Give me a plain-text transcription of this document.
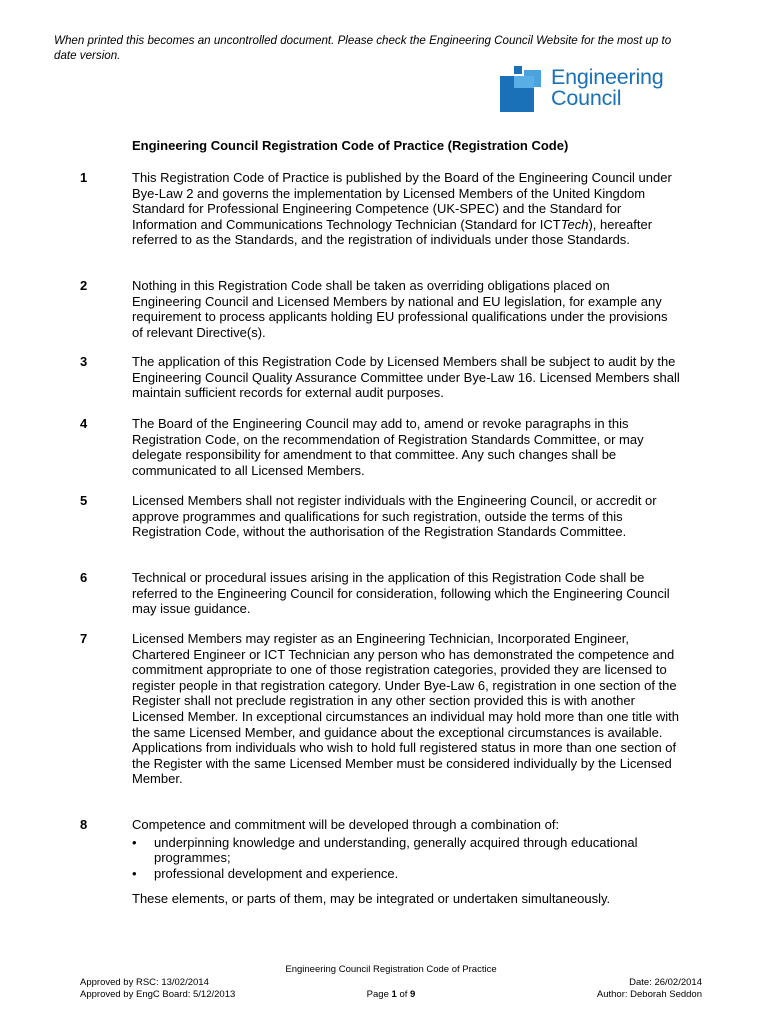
When printed this becomes an uncontrolled document. Please check the Engineering Council Website for the most up to date version.
Engineering
Council
Engineering Council Registration Code of Practice (Registration Code)
1	This Registration Code of Practice is published by the Board of the Engineering Council under Bye-Law 2 and governs the implementation by Licensed Members of the United Kingdom Standard for Professional Engineering Competence (UK-SPEC) and the Standard for Information and Communications Technology Technician (Standard for ICTTech), hereafter referred to as the Standards, and the registration of individuals under those Standards.
2	Nothing in this Registration Code shall be taken as overriding obligations placed on Engineering Council and Licensed Members by national and EU legislation, for example any requirement to process applicants holding EU professional qualifications under the provisions of relevant Directive(s).
3	The application of this Registration Code by Licensed Members shall be subject to audit by the Engineering Council Quality Assurance Committee under Bye-Law 16. Licensed Members shall maintain sufficient records for external audit purposes.
4	The Board of the Engineering Council may add to, amend or revoke paragraphs in this Registration Code, on the recommendation of Registration Standards Committee, or may delegate responsibility for amendment to that committee. Any such changes shall be communicated to all Licensed Members.
5	Licensed Members shall not register individuals with the Engineering Council, or accredit or approve programmes and qualifications for such registration, outside the terms of this Registration Code, without the authorisation of the Registration Standards Committee.
6	Technical or procedural issues arising in the application of this Registration Code shall be referred to the Engineering Council for consideration, following which the Engineering Council may issue guidance.
7	Licensed Members may register as an Engineering Technician, Incorporated Engineer, Chartered Engineer or ICT Technician any person who has demonstrated the competence and commitment appropriate to one of those registration categories, provided they are licensed to register people in that registration category. Under Bye-Law 6, registration in one section of the Register shall not preclude registration in any other section provided this is with another Licensed Member. In exceptional circumstances an individual may hold more than one title with the same Licensed Member, and guidance about the exceptional circumstances is available. Applications from individuals who wish to hold full registered status in more than one section of the Register with the same Licensed Member must be considered individually by the Licensed Member.
8	Competence and commitment will be developed through a combination of:
• underpinning knowledge and understanding, generally acquired through educational programmes;
• professional development and experience.
These elements, or parts of them, may be integrated or undertaken simultaneously.
Engineering Council Registration Code of Practice
Approved by RSC: 13/02/2014
Approved by EngC Board: 5/12/2013
Date: 26/02/2014
Author: Deborah Seddon
Page 1 of 9
